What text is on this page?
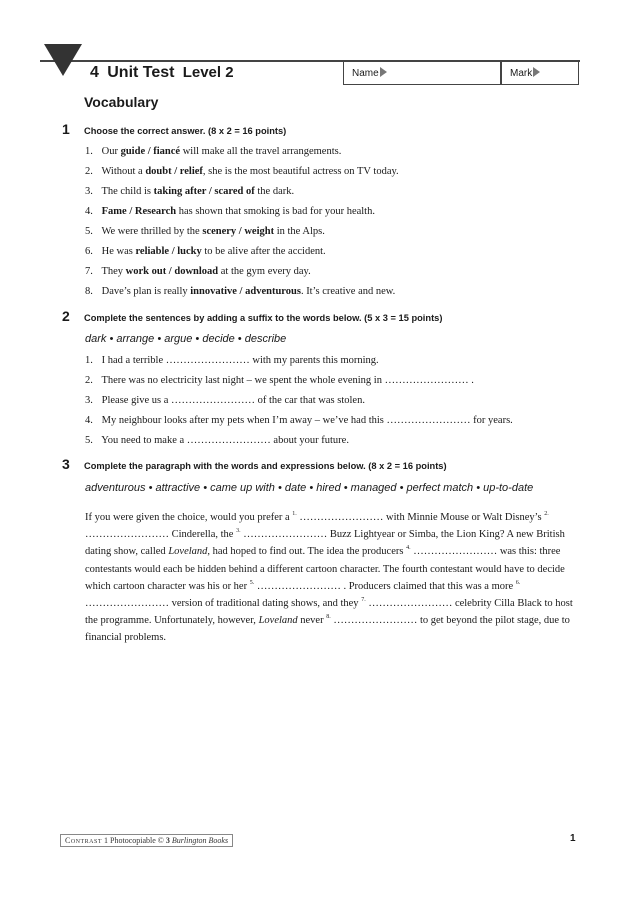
4 Unit Test Level 2	Name	Mark
Vocabulary
1 Choose the correct answer. (8 x 2 = 16 points)
1. Our guide / fiancé will make all the travel arrangements.
2. Without a doubt / relief, she is the most beautiful actress on TV today.
3. The child is taking after / scared of the dark.
4. Fame / Research has shown that smoking is bad for your health.
5. We were thrilled by the scenery / weight in the Alps.
6. He was reliable / lucky to be alive after the accident.
7. They work out / download at the gym every day.
8. Dave’s plan is really innovative / adventurous. It’s creative and new.
2 Complete the sentences by adding a suffix to the words below. (5 x 3 = 15 points)
dark • arrange • argue • decide • describe
1. I had a terrible …………………… with my parents this morning.
2. There was no electricity last night – we spent the whole evening in …………………… .
3. Please give us a …………………… of the car that was stolen.
4. My neighbour looks after my pets when I’m away – we’ve had this …………………… for years.
5. You need to make a …………………… about your future.
3 Complete the paragraph with the words and expressions below. (8 x 2 = 16 points)
adventurous • attractive • came up with • date • hired • managed • perfect match • up-to-date
If you were given the choice, would you prefer a $^{1.}$ …………………… with Minnie Mouse or Walt Disney’s $^{2.}$ …………………… Cinderella, the $^{3.}$ …………………… Buzz Lightyear or Simba, the Lion King? A new British dating show, called Loveland, had hoped to find out. The idea the producers $^{4.}$ …………………… was this: three contestants would each be hidden behind a different cartoon character. The fourth contestant would have to decide which cartoon character was his or her $^{5.}$ …………………… . Producers claimed that this was a more $^{6.}$ …………………… version of traditional dating shows, and they $^{7.}$ …………………… celebrity Cilla Black to host the programme. Unfortunately, however, Loveland never $^{8.}$ …………………… to get beyond the pilot stage, due to financial problems.
Contrast 1 Photocopiable © 3 Burlington Books	1
